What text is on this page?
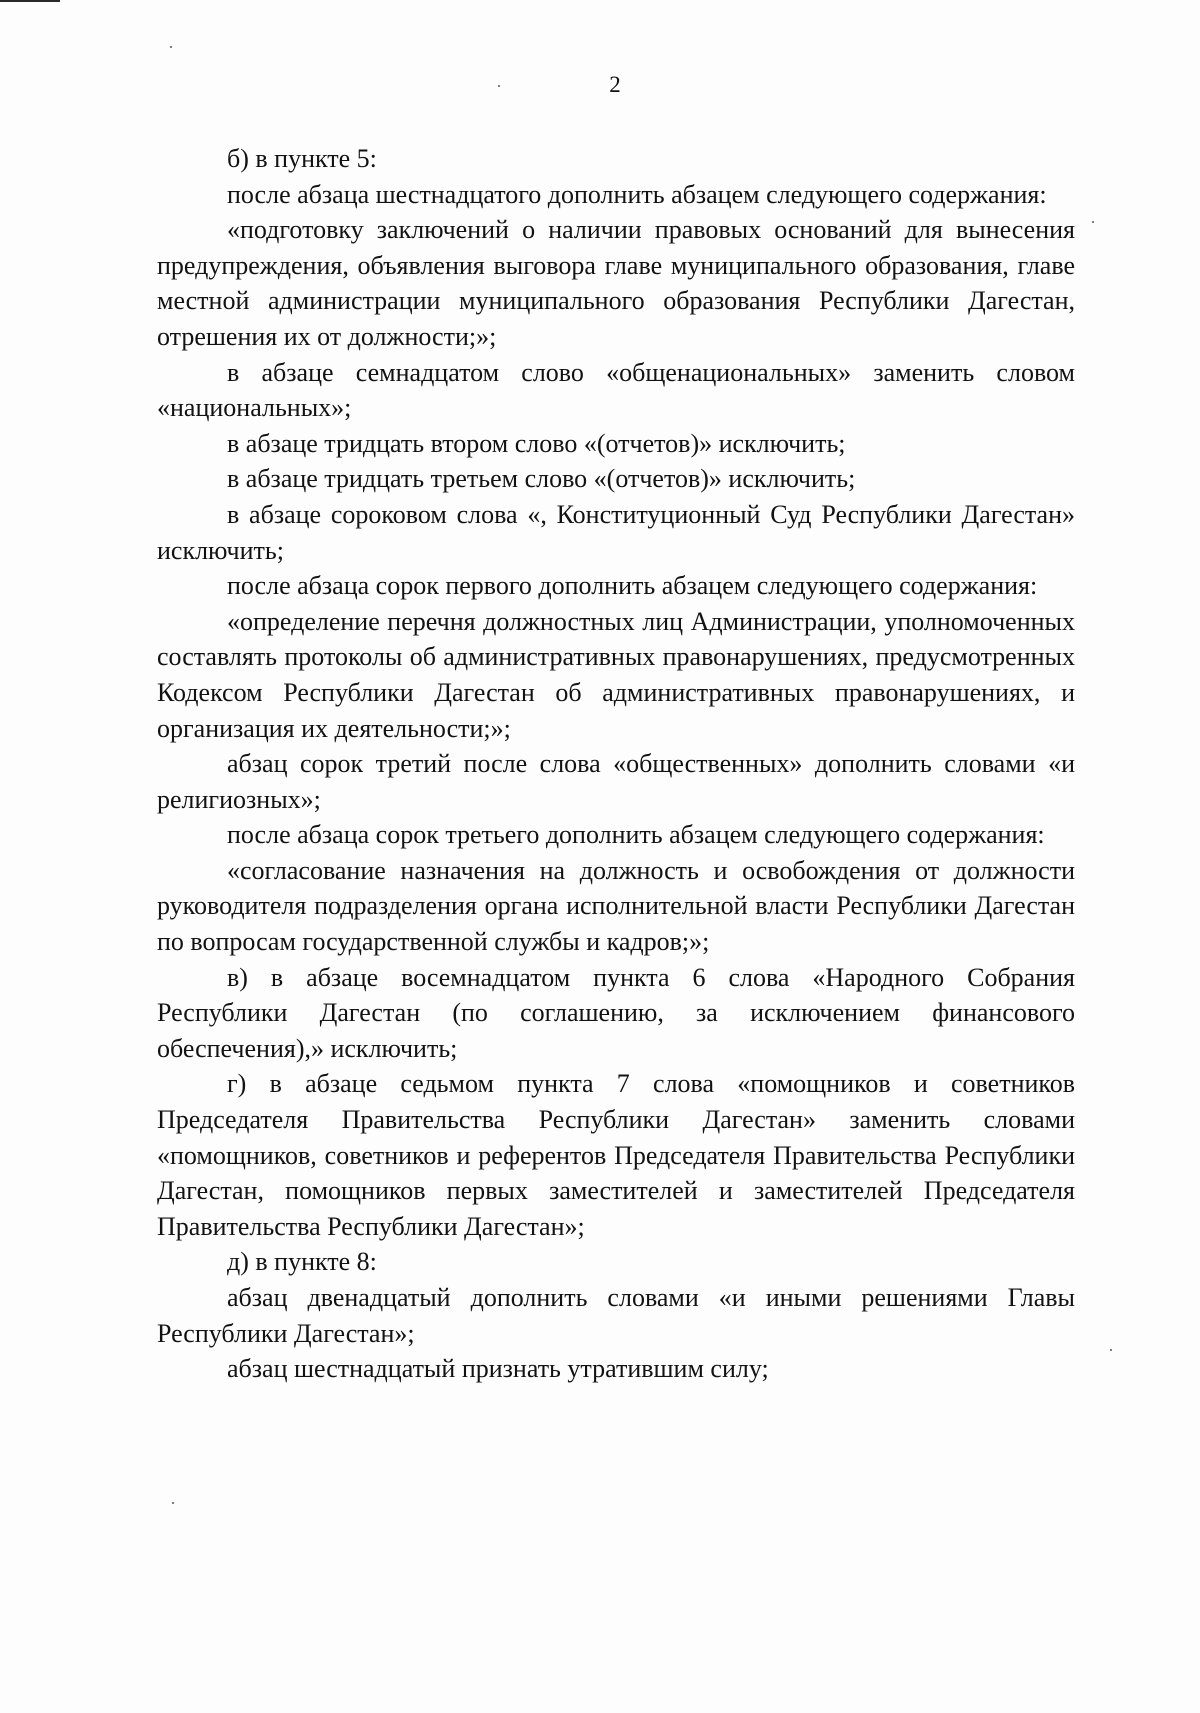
2

б) в пункте 5:

после абзаца шестнадцатого дополнить абзацем следующего содержания:

«подготовку заключений о наличии правовых оснований для вынесения предупреждения, объявления выговора главе муниципального образования, главе местной администрации муниципального образования Республики Дагестан, отрешения их от должности;»;

в абзаце семнадцатом слово «общенациональных» заменить словом «национальных»;

в абзаце тридцать втором слово «(отчетов)» исключить;

в абзаце тридцать третьем слово «(отчетов)» исключить;

в абзаце сороковом слова «, Конституционный Суд Республики Дагестан» исключить;

после абзаца сорок первого дополнить абзацем следующего содержания:

«определение перечня должностных лиц Администрации, уполномоченных составлять протоколы об административных правонарушениях, предусмотренных Кодексом Республики Дагестан об административных правонарушениях, и организация их деятельности;»;

абзац сорок третий после слова «общественных» дополнить словами «и религиозных»;

после абзаца сорок третьего дополнить абзацем следующего содержания:

«согласование назначения на должность и освобождения от должности руководителя подразделения органа исполнительной власти Республики Дагестан по вопросам государственной службы и кадров;»;

в) в абзаце восемнадцатом пункта 6 слова «Народного Собрания Республики Дагестан (по соглашению, за исключением финансового обеспечения),» исключить;

г) в абзаце седьмом пункта 7 слова «помощников и советников Председателя Правительства Республики Дагестан» заменить словами «помощников, советников и референтов Председателя Правительства Республики Дагестан, помощников первых заместителей и заместителей Председателя Правительства Республики Дагестан»;

д) в пункте 8:

абзац двенадцатый дополнить словами «и иными решениями Главы Республики Дагестан»;

абзац шестнадцатый признать утратившим силу;
